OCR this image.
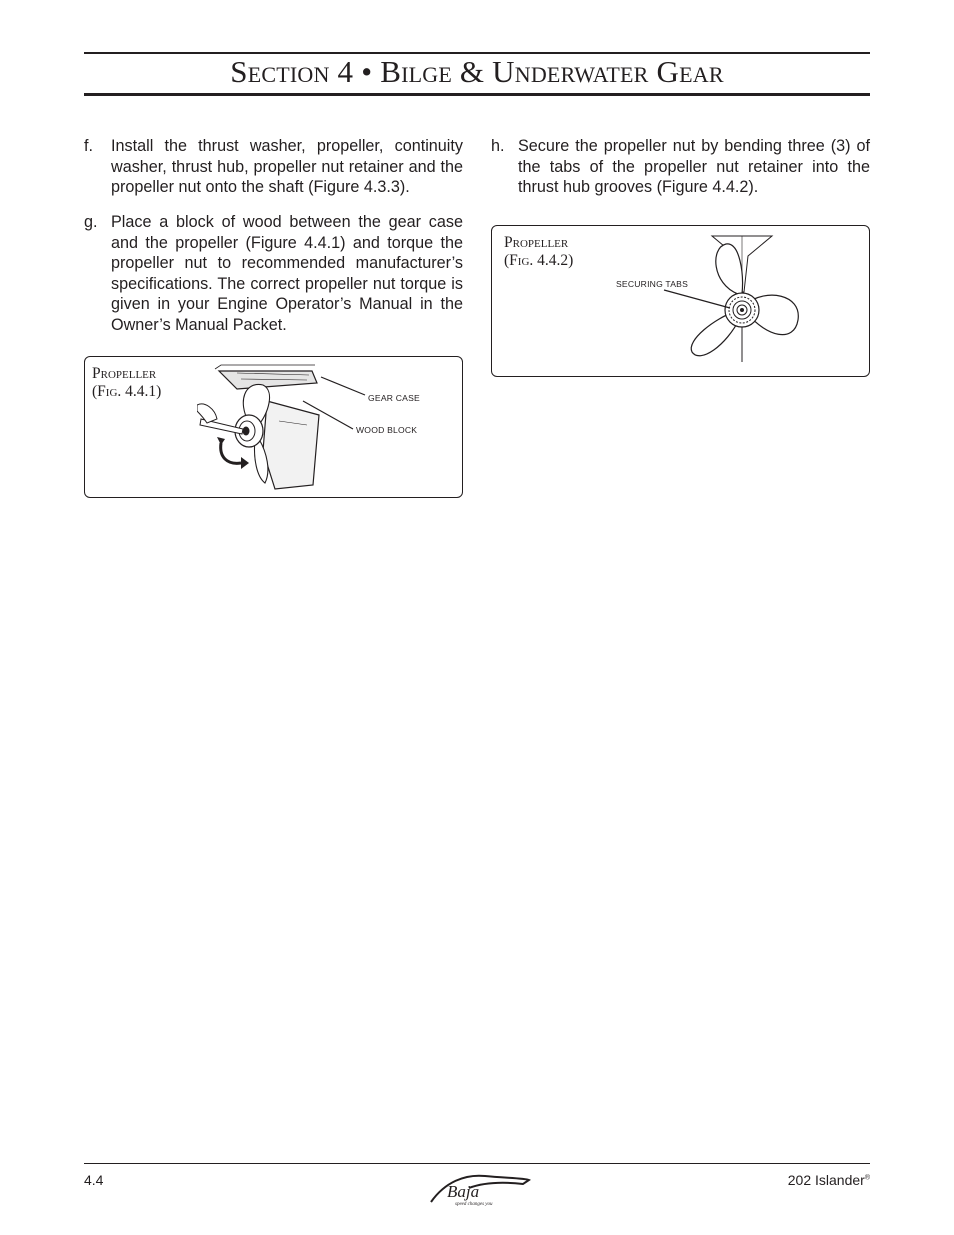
Section 4 • Bilge & Underwater Gear
f. Install the thrust washer, propeller, continuity washer, thrust hub, propeller nut retainer and the propeller nut onto the shaft (Figure 4.3.3).
g. Place a block of wood between the gear case and the propeller (Figure 4.4.1) and torque the propeller nut to recommended manufacturer’s specifications. The correct propeller nut torque is given in your Engine Operator’s Manual in the Owner’s Manual Packet.
h. Secure the propeller nut by bending three (3) of the tabs of the propeller nut retainer into the thrust hub grooves (Figure 4.4.2).
Propeller
(Fig. 4.4.1)	GEAR CASE
WOOD BLOCK
Propeller
(Fig. 4.4.2)
SECURING TABS
4.4	202 Islander®
Baja
speed changes you
